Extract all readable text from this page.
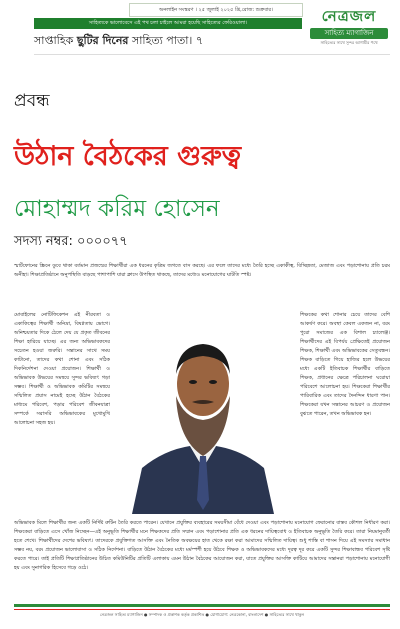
অনলাইন সংস্করণ । ২৫ জুলাই ২০২৫ খ্রি,রোজ: শুক্রবার।
সাহিত্যকে ভালোবেসে এই পথ চলা চাইলে আমরা হয়েছি সাহিত্যের ফেরিওয়ালা।	নেত্রজল
সাহিত্য ম্যাগাজিন
সাহিত্যের সাথে সুন্দর আগামীর পথে
সাপ্তাহিক ছুটির দিনের সাহিত্য পাতা। ৭
প্রবন্ধ
উঠান বৈঠকের গুরুত্ব
মোহাম্মদ করিম হোসেন
সদস্য নম্বর: ০০০০৭৭
স্মার্টফোনের স্ক্রিনে ডুবে থাকা বর্তমান প্রজন্মের শিক্ষার্থীরা এক ধরনের কৃত্রিম জগতে বাস করছে। এর ফলে তাদের মধ্যে তৈরি হচ্ছে একাকীত্ব, বিচ্ছিন্নতা, মেজাজ এবং পড়াশোনায় প্রতি চরম অনীহা। শিক্ষাপ্রতিষ্ঠানে অনুপস্থিতি বাড়ছে পাশাপাশি যারা ক্লাসে উপস্থিত থাকছে, তাদের মধ্যেও মনোযোগের ঘাটতি স্পষ্ট।
মোবাইলের নোটিফিকেশন এই নীরবতা ও একাকিত্বের শিক্ষার্থী অনিদ্রা, বিষণ্ণতায় ভোগে। অনিশ্চয়তার দিকে ঠেলে দেয় যে প্রকৃত জীবনের শিক্ষা হারিয়ে যাচ্ছে। এর জন্য অভিভাবকদের সচেতন হওয়া জরুরি। সন্তানের সাথে সময় কাটানো, তাদের কথা শোনা এবং সঠিক দিকনির্দেশনা দেওয়া প্রয়োজন। শিক্ষার্থী ও অভিভাবক উভয়ের সমন্বয়ে সুন্দর ভবিষ্যৎ গড়া সম্ভব। শিক্ষার্থী ও অভিভাবক কমিটির সমন্বয়ে সম্মিলিত প্রয়াস নামেই হচ্ছে উঠান বৈঠকের মাধ্যমে পরিবেশ, পড়ার পরিবেশ জীবনযাত্রা সম্পর্কে সরাসরি অভিভাবকের মুখোমুখি আলোচনা সহজ হয়।
শিক্ষকের কথা শোনার চেয়ে তাদের বেশি আকর্ষণ করে। অবস্থা কেবল একজন না, বরং পুরো সমাজের এক বিশাল চ্যালেঞ্জ। শিক্ষার্থীদের এই বিপর্যয় প্রেক্ষিতেই প্রয়োজন শিক্ষক, শিক্ষার্থী এবং অভিভাবকের সেতুবন্ধন। শিক্ষক বাড়িতে গিয়ে হাজির হলে উভয়ের মধ্যে একটি ইতিবাচক শিক্ষার্থীর বাড়িতে শিক্ষক, প্রধানের ক্ষেত্রে পরিচালনা ঘরোয়া পরিবেশে আলোচনা হয়। শিক্ষকেরা শিক্ষার্থীর পারিবারিক এবং তাদের দৈনন্দিন ধারণা পান। শিক্ষকেরা যখন সন্তানের আচরণ ও প্রয়োজন বুঝতে পারেন, তখন অভিভাবক হন।
অভিভাবক মিলে শিক্ষার্থীর জন্য একটি নির্দিষ্ট রুটিন তৈরি করতে পারেন। যেখানে প্রযুক্তির ব্যবহারের সময়সীমা বেঁধে দেওয়া এবং পড়াশোনায় মনোযোগ ফেরানোর বাস্তব কৌশল নির্ধারণ করা। শিক্ষকেরা বাড়িতে এসে খোঁজ নিচ্ছেন—এই অনুভূতি শিক্ষার্থীর মনে শিক্ষকদের প্রতি সম্মান এবং পড়াশোনার প্রতি এক ধরনের দায়িত্ববোধ ও ইতিবাচক অনুভূতি তৈরি করে। তারা নিয়মানুবর্তী হতে শেখে। শিক্ষার্থীদের দেশের ভবিষ্যৎ। তাদেরকে প্রযুক্তিগত আসক্তি এবং নৈতিক অবক্ষয়ের হাত থেকে রক্ষা করা আমাদের সম্মিলিত দায়িত্ব। শুধু শাস্তি বা শাসন দিয়ে এই সমস্যার সমাধান সম্ভব নয়, বরং প্রয়োজন ভালোবাসা ও সঠিক নির্দেশনা। বাড়িতে উঠান বৈঠকের মধ্যে মর্মস্পর্শী হয়ে উঠবে শিক্ষক ও অভিভাবকদের মধ্যে দূরত্ব দূর করে একটি সুন্দর শিক্ষাবান্ধব পরিবেশ সৃষ্টি করতে পারে। তাই প্রতিটি শিক্ষাপ্রতিষ্ঠানের উচিত কমিউনিটির প্রতিটি এলাকায় এমন উঠান বৈঠকের আয়োজন করা, যাতে প্রযুক্তির আসক্তি কাটিয়ে আমাদের সন্তানরা পড়াশোনায় মনোযোগী হয় এবং সুনাগরিক হিসেবে গড়ে ওঠে।
নেত্রজল সাহিত্য ম্যাগাজিন ● সম্পাদক ও প্রকাশক কর্তৃক প্রকাশিত ● যোগাযোগ: নেত্রকোনা, বাংলাদেশ ● সাহিত্যের সাথে থাকুন
